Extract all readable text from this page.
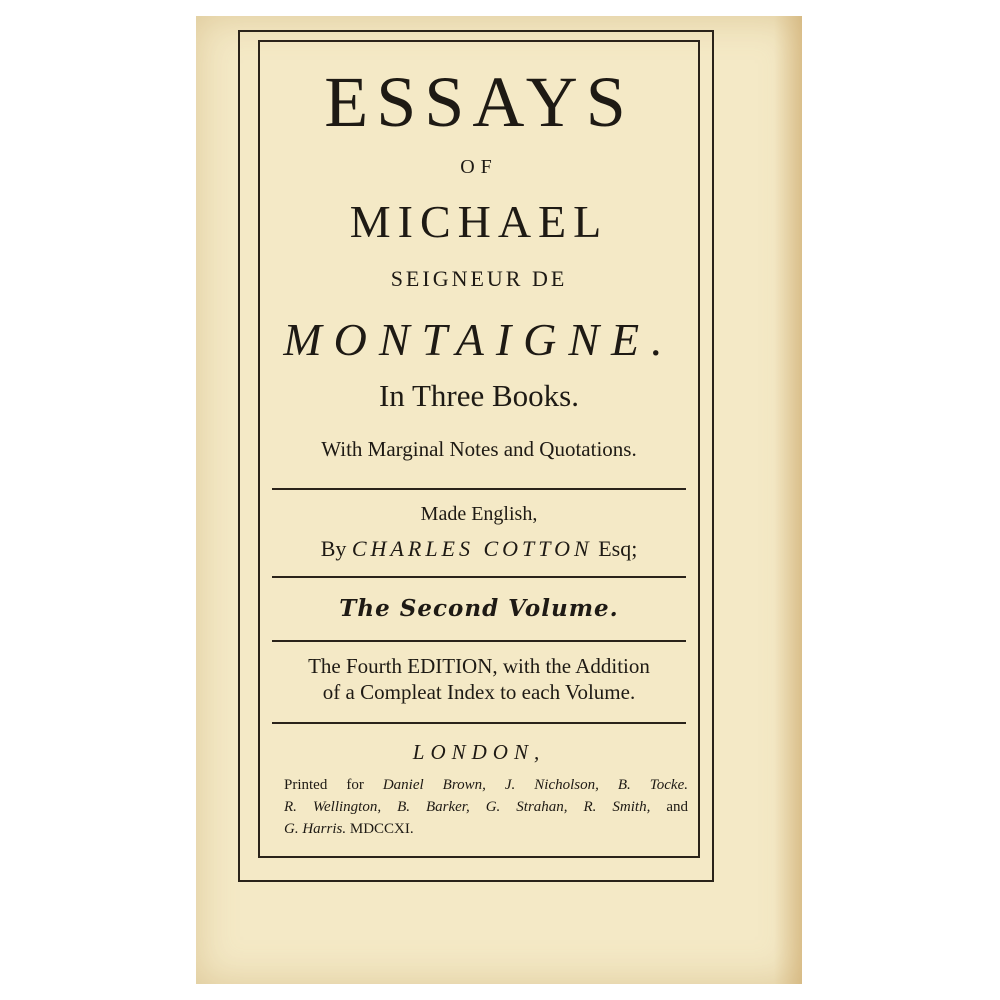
ESSAYS
OF
MICHAEL
SEIGNEUR DE
MONTAIGNE.
In Three Books.
With Marginal Notes and Quotations.
Made English,
By CHARLES COTTON Esq;
The Second Volume.
The Fourth EDITION, with the Addition
of a Compleat Index to each Volume.
LONDON,
Printed for Daniel Brown, J. Nicholson, B. Tocke.
R. Wellington, B. Barker, G. Strahan, R. Smith, and
G. Harris. MDCCXI.
